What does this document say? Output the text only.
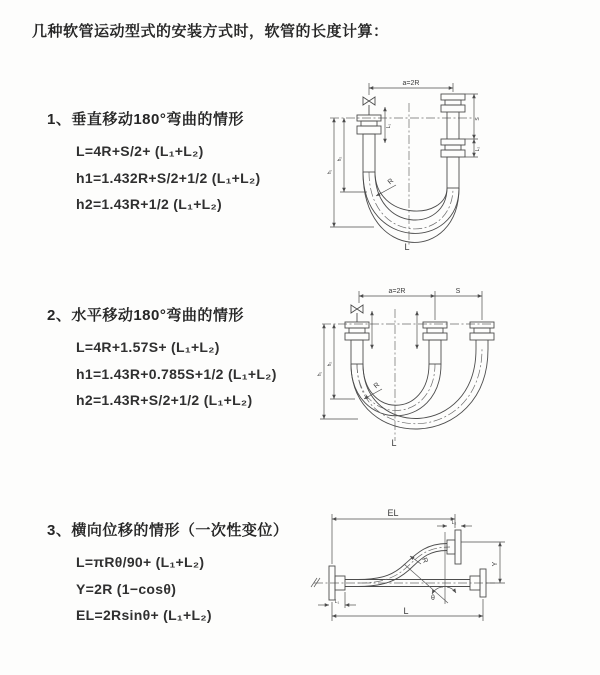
几种软管运动型式的安装方式时，软管的长度计算：
1、垂直移动180°弯曲的情形
L=4R+S/2+ (L₁+L₂)
h1=1.432R+S/2+1/2 (L₁+L₂)
h2=1.43R+1/2 (L₁+L₂)
2、水平移动180°弯曲的情形
L=4R+1.57S+ (L₁+L₂)
h1=1.43R+0.785S+1/2 (L₁+L₂)
h2=1.43R+S/2+1/2 (L₁+L₂)
3、横向位移的情形（一次性变位）
L=πRθ/90+ (L₁+L₂)
Y=2R (1−cosθ)
EL=2Rsinθ+ (L₁+L₂)
a=2R
S
L₂
L₁
h₁
h₂
R
L
a=2R	S
h₁
h₂
R
L
EL
L₂
Y
R
θ
L
L₁
